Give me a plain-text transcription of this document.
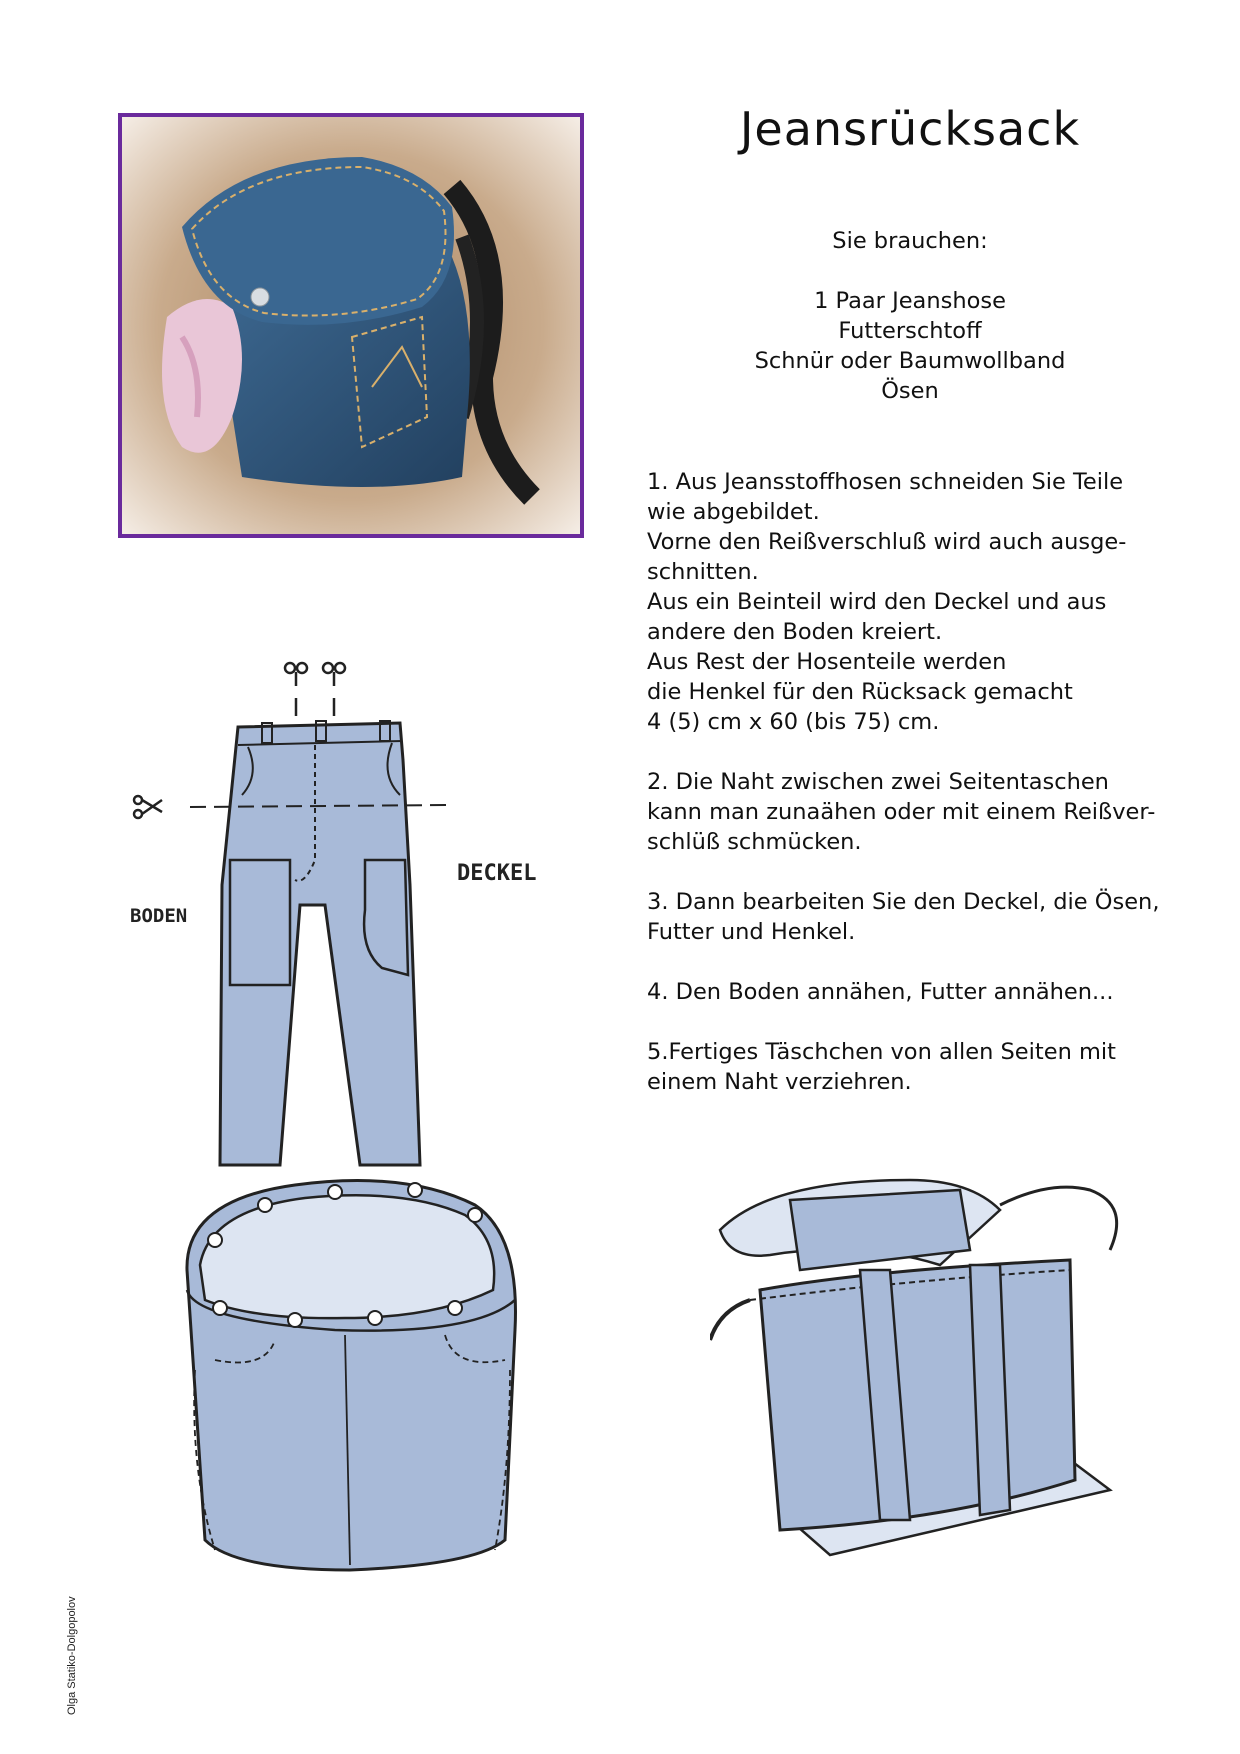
Jeansrücksack
Sie brauchen:
1 Paar Jeanshose
Futterschtoff
Schnür oder Baumwollband
Ösen

1. Aus Jeansstoffhosen schneiden Sie Teile
wie abgebildet.
Vorne den Reißverschluß wird auch ausge-
schnitten.
Aus ein Beinteil wird den Deckel und aus
andere den Boden kreiert.
Aus Rest der Hosenteile werden
die Henkel für den Rücksack gemacht
4 (5) cm x 60 (bis 75) cm.

2. Die Naht zwischen zwei Seitentaschen
kann man zunaähen oder mit einem Reißver-
schlüß schmücken.

3. Dann bearbeiten Sie den Deckel, die Ösen,
Futter und Henkel.

4. Den Boden annähen, Futter annähen...

5.Fertiges Täschchen von allen Seiten mit
einem Naht verziehren.

DECKEL
BODEN
Olga Statiko-Dolgopolov
